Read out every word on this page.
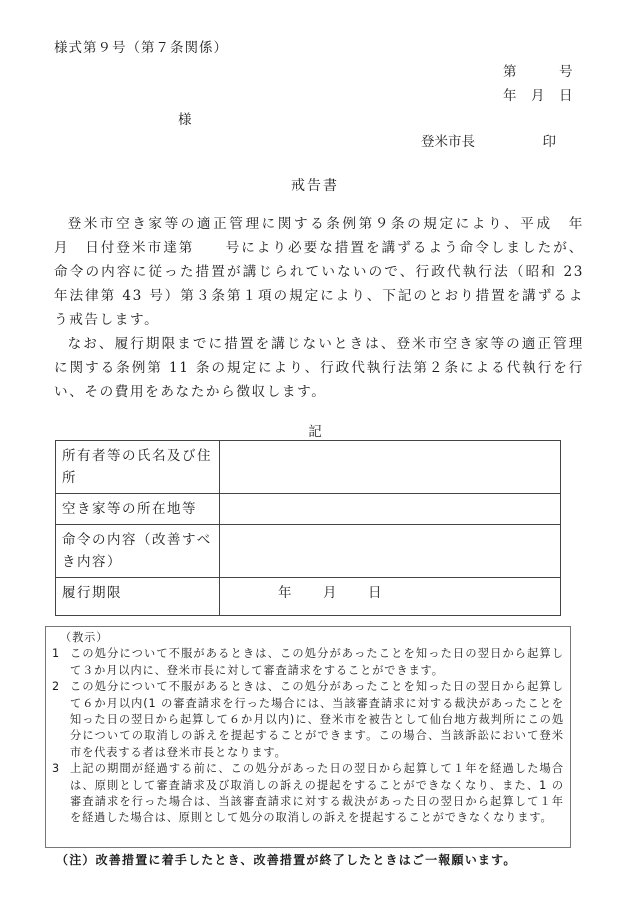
様式第９号（第７条関係）

第　　　号

年　月　日

様

登米市長　　　　　印

戒告書

登米市空き家等の適正管理に関する条例第９条の規定により、平成　年　月　日付登米市達第　　号により必要な措置を講ずるよう命令しましたが、命令の内容に従った措置が講じられていないので、行政代執行法（昭和 23 年法律第 43 号）第３条第１項の規定により、下記のとおり措置を講ずるよう戒告します。

なお、履行期限までに措置を講じないときは、登米市空き家等の適正管理に関する条例第 11 条の規定により、行政代執行法第２条による代執行を行い、その費用をあなたから徴収します。

記

所有者等の氏名及び住所	
空き家等の所在地等	
命令の内容（改善すべき内容）	
履行期限	年 月 日
（教示）
1 この処分について不服があるときは、この処分があったことを知った日の翌日から起算して３か月以内に、登米市長に対して審査請求をすることができます。
2 この処分について不服があるときは、この処分があったことを知った日の翌日から起算して６か月以内(1 の審査請求を行った場合には、当該審査請求に対する裁決があったことを知った日の翌日から起算して６か月以内)に、登米市を被告として仙台地方裁判所にこの処分についての取消しの訴えを提起することができます。この場合、当該訴訟において登米市を代表する者は登米市長となります。
3 上記の期間が経過する前に、この処分があった日の翌日から起算して１年を経過した場合は、原則として審査請求及び取消しの訴えの提起をすることができなくなり、また、1 の審査請求を行った場合は、当該審査請求に対する裁決があった日の翌日から起算して１年を経過した場合は、原則として処分の取消しの訴えを提起することができなくなります。

（注）改善措置に着手したとき、改善措置が終了したときはご一報願います。
